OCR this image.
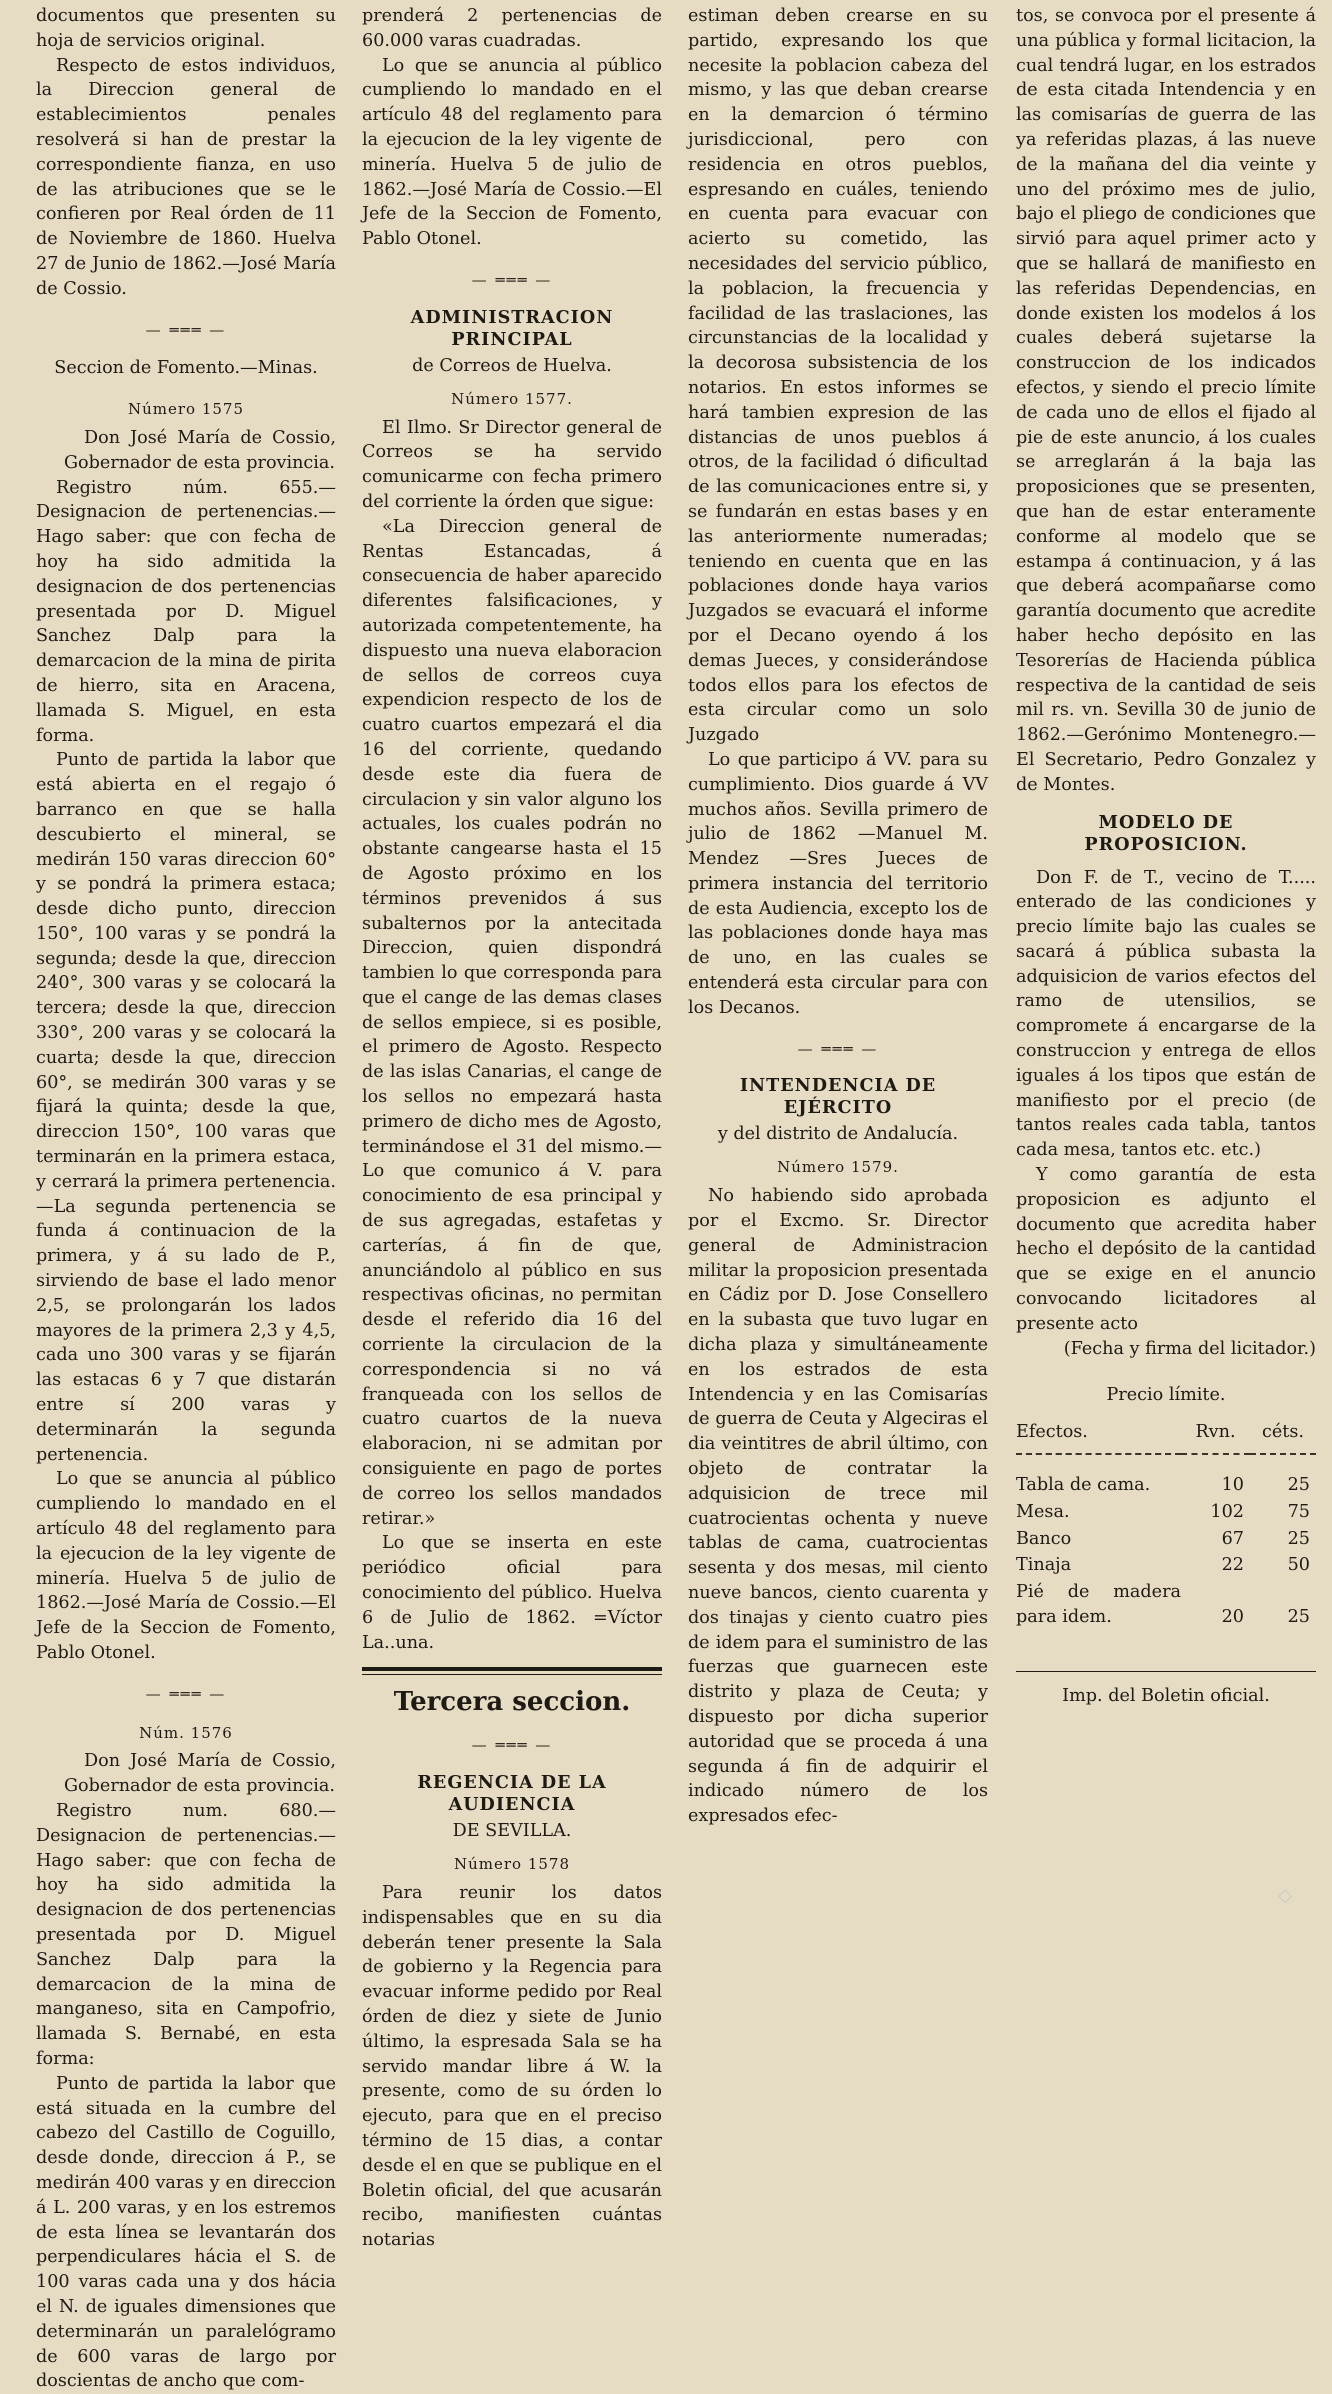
documentos que presenten su hoja de servicios original.

Respecto de estos individuos, la Direccion general de establecimientos penales resolverá si han de prestar la correspondiente fianza, en uso de las atribuciones que se le confieren por Real órden de 11 de Noviembre de 1860. Huelva 27 de Junio de 1862.—José María de Cossio.

— ═══ —
Seccion de Fomento.—Minas.
Número 1575

Don José María de Cossio, Gobernador de esta provincia.

Registro núm. 655.—Designacion de pertenencias.—Hago saber: que con fecha de hoy ha sido admitida la designacion de dos pertenencias presentada por D. Miguel Sanchez Dalp para la demarcacion de la mina de pirita de hierro, sita en Aracena, llamada S. Miguel, en esta forma.

Punto de partida la labor que está abierta en el regajo ó barranco en que se halla descubierto el mineral, se medirán 150 varas direccion 60° y se pondrá la primera estaca; desde dicho punto, direccion 150°, 100 varas y se pondrá la segunda; desde la que, direccion 240°, 300 varas y se colocará la tercera; desde la que, direccion 330°, 200 varas y se colocará la cuarta; desde la que, direccion 60°, se medirán 300 varas y se fijará la quinta; desde la que, direccion 150°, 100 varas que terminarán en la primera estaca, y cerrará la primera pertenencia.—La segunda pertenencia se funda á continuacion de la primera, y á su lado de P., sirviendo de base el lado menor 2,5, se prolongarán los lados mayores de la primera 2,3 y 4,5, cada uno 300 varas y se fijarán las estacas 6 y 7 que distarán entre sí 200 varas y determinarán la segunda pertenencia.

Lo que se anuncia al público cumpliendo lo mandado en el artículo 48 del reglamento para la ejecucion de la ley vigente de minería. Huelva 5 de julio de 1862.—José María de Cossio.—El Jefe de la Seccion de Fomento, Pablo Otonel.

— ═══ —
Núm. 1576

Don José María de Cossio, Gobernador de esta provincia.

Registro num. 680.—Designacion de pertenencias.—Hago saber: que con fecha de hoy ha sido admitida la designacion de dos pertenencias presentada por D. Miguel Sanchez Dalp para la demarcacion de la mina de manganeso, sita en Campofrio, llamada S. Bernabé, en esta forma:

Punto de partida la labor que está situada en la cumbre del cabezo del Castillo de Coguillo, desde donde, direccion á P., se medirán 400 varas y en direccion á L. 200 varas, y en los estremos de esta línea se levantarán dos perpendiculares hácia el S. de 100 varas cada una y dos hácia el N. de iguales dimensiones que determinarán un paralelógramo de 600 varas de largo por doscientas de ancho que com-

prenderá 2 pertenencias de 60.000 varas cuadradas.

Lo que se anuncia al público cumpliendo lo mandado en el artículo 48 del reglamento para la ejecucion de la ley vigente de minería. Huelva 5 de julio de 1862.—José María de Cossio.—El Jefe de la Seccion de Fomento, Pablo Otonel.

— ═══ —
ADMINISTRACION PRINCIPAL
de Correos de Huelva.
Número 1577.

El Ilmo. Sr Director general de Correos se ha servido comunicarme con fecha primero del corriente la órden que sigue:

«La Direccion general de Rentas Estancadas, á consecuencia de haber aparecido diferentes falsificaciones, y autorizada competentemente, ha dispuesto una nueva elaboracion de sellos de correos cuya expendicion respecto de los de cuatro cuartos empezará el dia 16 del corriente, quedando desde este dia fuera de circulacion y sin valor alguno los actuales, los cuales podrán no obstante cangearse hasta el 15 de Agosto próximo en los términos prevenidos á sus subalternos por la antecitada Direccion, quien dispondrá tambien lo que corresponda para que el cange de las demas clases de sellos empiece, si es posible, el primero de Agosto. Respecto de las islas Canarias, el cange de los sellos no empezará hasta primero de dicho mes de Agosto, terminándose el 31 del mismo.—Lo que comunico á V. para conocimiento de esa principal y de sus agregadas, estafetas y carterías, á fin de que, anunciándolo al público en sus respectivas oficinas, no permitan desde el referido dia 16 del corriente la circulacion de la correspondencia si no vá franqueada con los sellos de cuatro cuartos de la nueva elaboracion, ni se admitan por consiguiente en pago de portes de correo los sellos mandados retirar.»

Lo que se inserta en este periódico oficial para conocimiento del público. Huelva 6 de Julio de 1862. =Víctor La..una.

Tercera seccion.
— ═══ —
REGENCIA DE LA AUDIENCIA
DE SEVILLA.
Número 1578

Para reunir los datos indispensables que en su dia deberán tener presente la Sala de gobierno y la Regencia para evacuar informe pedido por Real órden de diez y siete de Junio último, la espresada Sala se ha servido mandar libre á W. la presente, como de su órden lo ejecuto, para que en el preciso término de 15 dias, a contar desde el en que se publique en el Boletin oficial, del que acusarán recibo, manifiesten cuántas notarias

estiman deben crearse en su partido, expresando los que necesite la poblacion cabeza del mismo, y las que deban crearse en la demarcion ó término jurisdiccional, pero con residencia en otros pueblos, espresando en cuáles, teniendo en cuenta para evacuar con acierto su cometido, las necesidades del servicio público, la poblacion, la frecuencia y facilidad de las traslaciones, las circunstancias de la localidad y la decorosa subsistencia de los notarios. En estos informes se hará tambien expresion de las distancias de unos pueblos á otros, de la facilidad ó dificultad de las comunicaciones entre si, y se fundarán en estas bases y en las anteriormente numeradas; teniendo en cuenta que en las poblaciones donde haya varios Juzgados se evacuará el informe por el Decano oyendo á los demas Jueces, y considerándose todos ellos para los efectos de esta circular como un solo Juzgado

Lo que participo á VV. para su cumplimiento. Dios guarde á VV muchos años. Sevilla primero de julio de 1862 —Manuel M. Mendez —Sres Jueces de primera instancia del territorio de esta Audiencia, excepto los de las poblaciones donde haya mas de uno, en las cuales se entenderá esta circular para con los Decanos.

— ═══ —
INTENDENCIA DE EJÉRCITO
y del distrito de Andalucía.
Número 1579.

No habiendo sido aprobada por el Excmo. Sr. Director general de Administracion militar la proposicion presentada en Cádiz por D. Jose Consellero en la subasta que tuvo lugar en dicha plaza y simultáneamente en los estrados de esta Intendencia y en las Comisarías de guerra de Ceuta y Algeciras el dia veintitres de abril último, con objeto de contratar la adquisicion de trece mil cuatrocientas ochenta y nueve tablas de cama, cuatrocientas sesenta y dos mesas, mil ciento nueve bancos, ciento cuarenta y dos tinajas y ciento cuatro pies de idem para el suministro de las fuerzas que guarnecen este distrito y plaza de Ceuta; y dispuesto por dicha superior autoridad que se proceda á una segunda á fin de adquirir el indicado número de los expresados efec-

tos, se convoca por el presente á una pública y formal licitacion, la cual tendrá lugar, en los estrados de esta citada Intendencia y en las comisarías de guerra de las ya referidas plazas, á las nueve de la mañana del dia veinte y uno del próximo mes de julio, bajo el pliego de condiciones que sirvió para aquel primer acto y que se hallará de manifiesto en las referidas Dependencias, en donde existen los modelos á los cuales deberá sujetarse la construccion de los indicados efectos, y siendo el precio límite de cada uno de ellos el fijado al pie de este anuncio, á los cuales se arreglarán á la baja las proposiciones que se presenten, que han de estar enteramente conforme al modelo que se estampa á continuacion, y á las que deberá acompañarse como garantía documento que acredite haber hecho depósito en las Tesorerías de Hacienda pública respectiva de la cantidad de seis mil rs. vn. Sevilla 30 de junio de 1862.—Gerónimo Montenegro.—El Secretario, Pedro Gonzalez y de Montes.

MODELO DE PROPOSICION.

Don F. de T., vecino de T..... enterado de las condiciones y precio límite bajo las cuales se sacará á pública subasta la adquisicion de varios efectos del ramo de utensilios, se compromete á encargarse de la construccion y entrega de ellos iguales á los tipos que están de manifiesto por el precio (de tantos reales cada tabla, tantos cada mesa, tantos etc. etc.)

Y como garantía de esta proposicion es adjunto el documento que acredita haber hecho el depósito de la cantidad que se exige en el anuncio convocando licitadores al presente acto

(Fecha y firma del licitador.)

Precio límite.
Efectos.	Rvn.	céts.
Tabla de cama.	10	25
Mesa.	102	75
Banco	67	25
Tinaja	22	50
Pié de madera para idem.	20	25
Imp. del Boletin oficial.
◇
